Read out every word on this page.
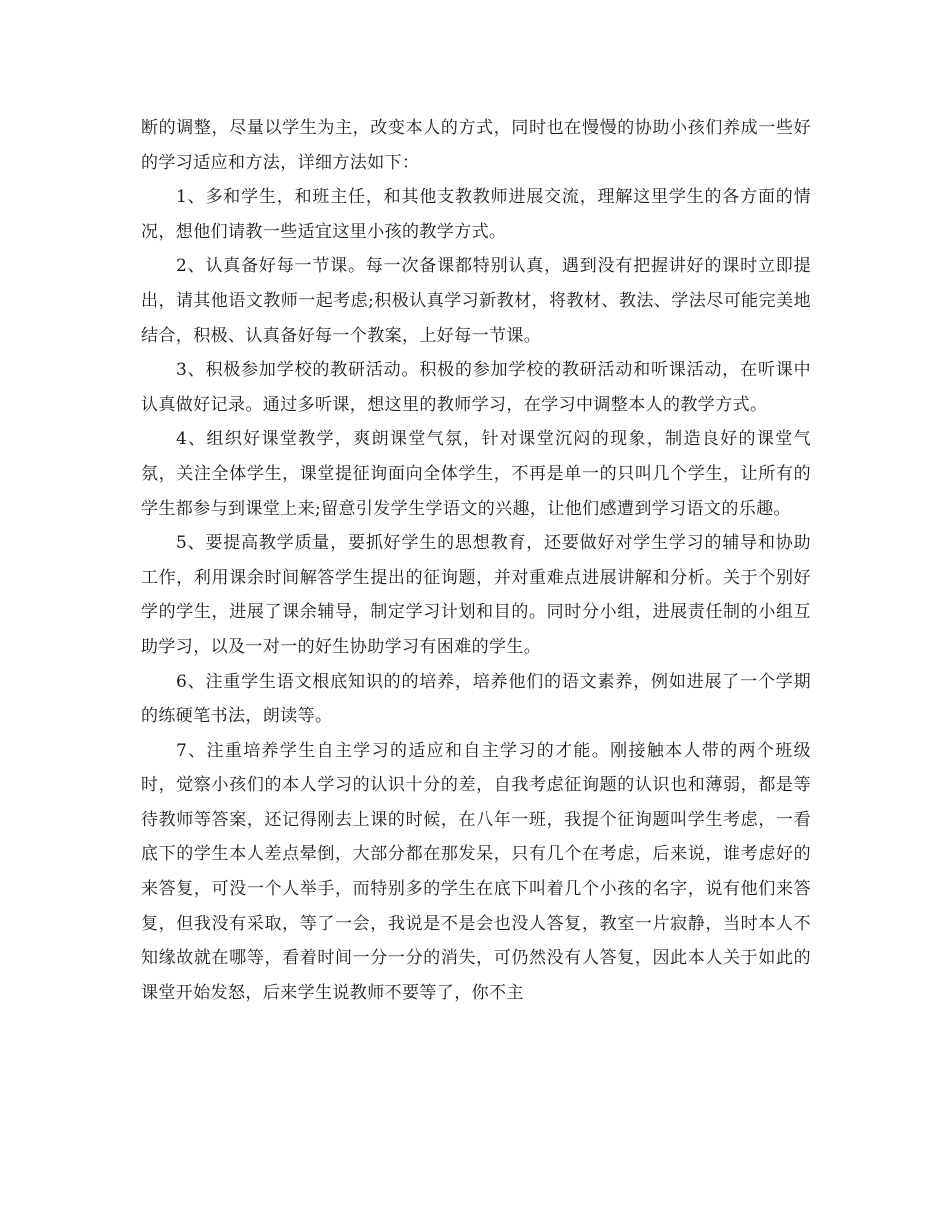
断的调整，尽量以学生为主，改变本人的方式，同时也在慢慢的协助小孩们养成一些好的学习适应和方法，详细方法如下：

1、多和学生，和班主任，和其他支教教师进展交流，理解这里学生的各方面的情况，想他们请教一些适宜这里小孩的教学方式。

2、认真备好每一节课。每一次备课都特别认真，遇到没有把握讲好的课时立即提出，请其他语文教师一起考虑;积极认真学习新教材，将教材、教法、学法尽可能完美地结合，积极、认真备好每一个教案，上好每一节课。

3、积极参加学校的教研活动。积极的参加学校的教研活动和听课活动，在听课中认真做好记录。通过多听课，想这里的教师学习，在学习中调整本人的教学方式。

4、组织好课堂教学，爽朗课堂气氛，针对课堂沉闷的现象，制造良好的课堂气氛，关注全体学生，课堂提征询面向全体学生，不再是单一的只叫几个学生，让所有的学生都参与到课堂上来;留意引发学生学语文的兴趣，让他们感遭到学习语文的乐趣。

5、要提高教学质量，要抓好学生的思想教育，还要做好对学生学习的辅导和协助工作，利用课余时间解答学生提出的征询题，并对重难点进展讲解和分析。关于个别好学的学生，进展了课余辅导，制定学习计划和目的。同时分小组，进展责任制的小组互助学习，以及一对一的好生协助学习有困难的学生。

6、注重学生语文根底知识的的培养，培养他们的语文素养，例如进展了一个学期的练硬笔书法，朗读等。

7、注重培养学生自主学习的适应和自主学习的才能。刚接触本人带的两个班级时，觉察小孩们的本人学习的认识十分的差，自我考虑征询题的认识也和薄弱，都是等待教师等答案，还记得刚去上课的时候，在八年一班，我提个征询题叫学生考虑，一看底下的学生本人差点晕倒，大部分都在那发呆，只有几个在考虑，后来说，谁考虑好的来答复，可没一个人举手，而特别多的学生在底下叫着几个小孩的名字，说有他们来答复，但我没有采取，等了一会，我说是不是会也没人答复，教室一片寂静，当时本人不知缘故就在哪等，看着时间一分一分的消失，可仍然没有人答复，因此本人关于如此的课堂开始发怒，后来学生说教师不要等了，你不主
